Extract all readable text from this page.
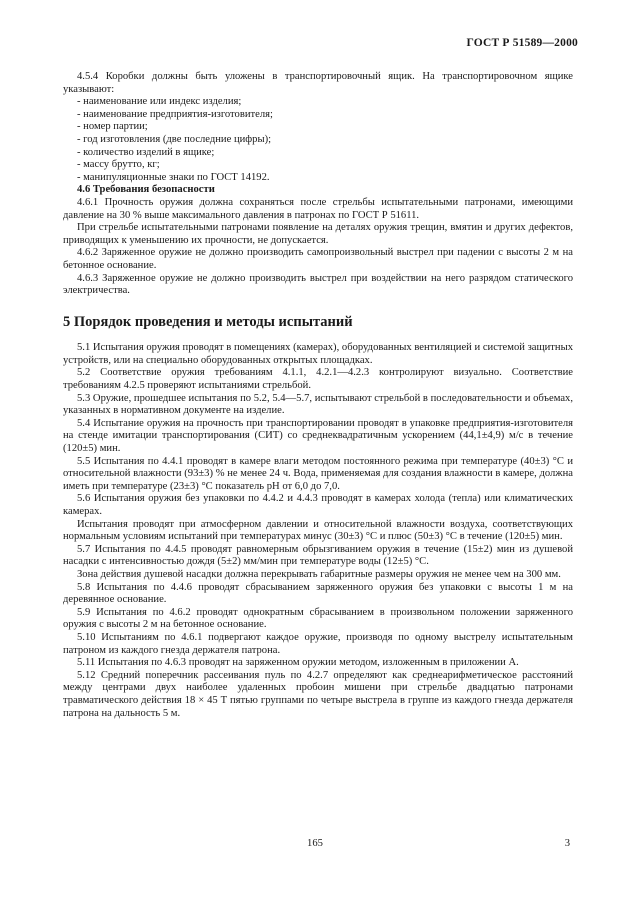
ГОСТ Р 51589—2000

4.5.4 Коробки должны быть уложены в транспортировочный ящик. На транспортировочном ящике указывают:

- наименование или индекс изделия;

- наименование предприятия-изготовителя;

- номер партии;

- год изготовления (две последние цифры);

- количество изделий в ящике;

- массу брутто, кг;

- манипуляционные знаки по ГОСТ 14192.

4.6 Требования безопасности

4.6.1 Прочность оружия должна сохраняться после стрельбы испытательными патронами, имеющими давление на 30 % выше максимального давления в патронах по ГОСТ Р 51611.

При стрельбе испытательными патронами появление на деталях оружия трещин, вмятин и других дефектов, приводящих к уменьшению их прочности, не допускается.

4.6.2 Заряженное оружие не должно производить самопроизвольный выстрел при падении с высоты 2 м на бетонное основание.

4.6.3 Заряженное оружие не должно производить выстрел при воздействии на него разрядом статического электричества.

5 Порядок проведения и методы испытаний

5.1 Испытания оружия проводят в помещениях (камерах), оборудованных вентиляцией и системой защитных устройств, или на специально оборудованных открытых площадках.

5.2 Соответствие оружия требованиям 4.1.1, 4.2.1—4.2.3 контролируют визуально. Соответствие требованиям 4.2.5 проверяют испытаниями стрельбой.

5.3 Оружие, прошедшее испытания по 5.2, 5.4—5.7, испытывают стрельбой в последовательности и объемах, указанных в нормативном документе на изделие.

5.4 Испытание оружия на прочность при транспортировании проводят в упаковке предприятия-изготовителя на стенде имитации транспортирования (СИТ) со среднеквадратичным ускорением (44,1±4,9) м/с в течение (120±5) мин.

5.5 Испытания по 4.4.1 проводят в камере влаги методом постоянного режима при температуре (40±3) °С и относительной влажности (93±3) % не менее 24 ч. Вода, применяемая для создания влажности в камере, должна иметь при температуре (23±3) °С показатель рН от 6,0 до 7,0.

5.6 Испытания оружия без упаковки по 4.4.2 и 4.4.3 проводят в камерах холода (тепла) или климатических камерах.

Испытания проводят при атмосферном давлении и относительной влажности воздуха, соответствующих нормальным условиям испытаний при температурах минус (30±3) °С и плюс (50±3) °С в течение (120±5) мин.

5.7 Испытания по 4.4.5 проводят равномерным обрызгиванием оружия в течение (15±2) мин из душевой насадки с интенсивностью дождя (5±2) мм/мин при температуре воды (12±5) °С.

Зона действия душевой насадки должна перекрывать габаритные размеры оружия не менее чем на 300 мм.

5.8 Испытания по 4.4.6 проводят сбрасыванием заряженного оружия без упаковки с высоты 1 м на деревянное основание.

5.9 Испытания по 4.6.2 проводят однократным сбрасыванием в произвольном положении заряженного оружия с высоты 2 м на бетонное основание.

5.10 Испытаниям по 4.6.1 подвергают каждое оружие, производя по одному выстрелу испытательным патроном из каждого гнезда держателя патрона.

5.11 Испытания по 4.6.3 проводят на заряженном оружии методом, изложенным в приложении А.

5.12 Средний поперечник рассеивания пуль по 4.2.7 определяют как среднеарифметическое расстояний между центрами двух наиболее удаленных пробоин мишени при стрельбе двадцатью патронами травматического действия 18 × 45 Т пятью группами по четыре выстрела в группе из каждого гнезда держателя патрона на дальность 5 м.

165	3
